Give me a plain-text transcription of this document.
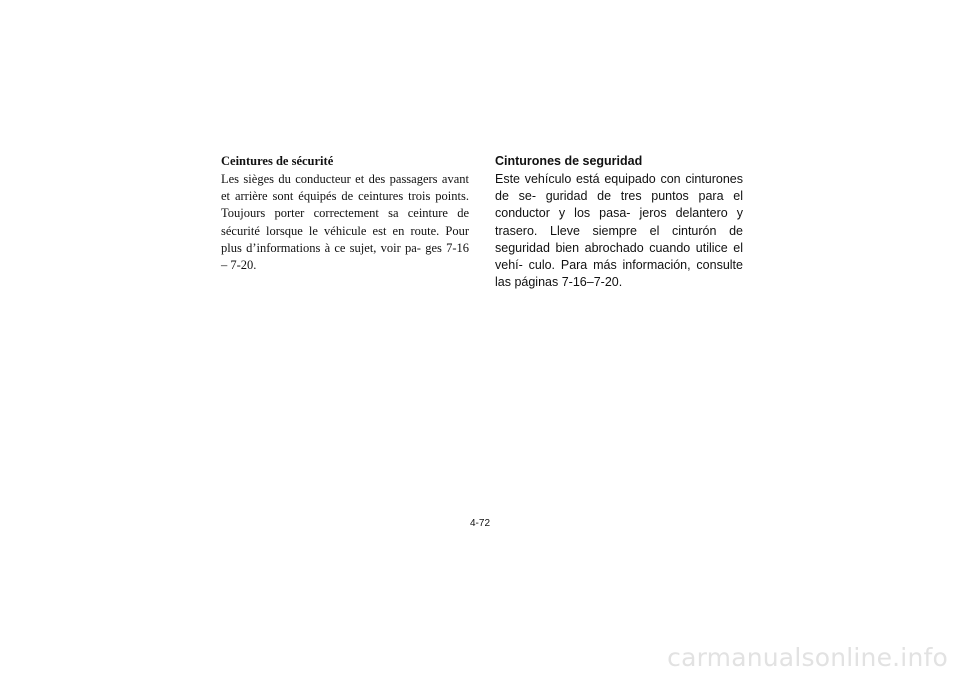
Ceintures de sécurité

Les sièges du conducteur et des passagers avant et arrière sont équipés de ceintures trois points. Toujours porter correctement sa ceinture de sécurité lorsque le véhicule est en route. Pour plus d’informations à ce sujet, voir pa- ges 7-16 – 7-20.

Cinturones de seguridad

Este vehículo está equipado con cinturones de se- guridad de tres puntos para el conductor y los pasa- jeros delantero y trasero. Lleve siempre el cinturón de seguridad bien abrochado cuando utilice el vehí- culo. Para más información, consulte las páginas 7-16–7-20.

4-72
carmanualsonline.info
